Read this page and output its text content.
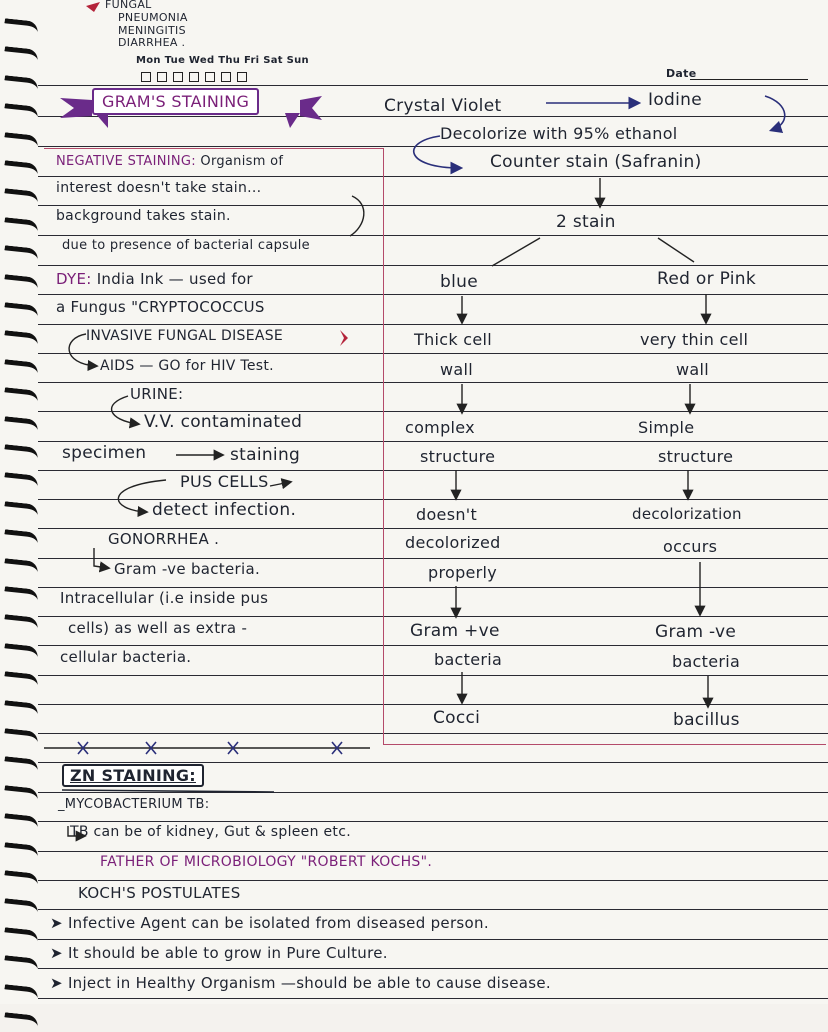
FUNGAL
PNEUMONIA
MENINGITIS
DIARRHEA .
Mon Tue Wed Thu Fri Sat Sun
Date
GRAM'S STAINING	Crystal Violet	Iodine
Decolorize with 95% ethanol
Counter stain (Safranin)
2 stain
blue
Thick cell
wall
complex
structure
doesn't
decolorized
properly
Gram +ve
bacteria
Cocci
Red or Pink
very thin cell
wall
Simple
structure
decolorization
occurs
Gram -ve
bacteria
bacillus
NEGATIVE STAINING: Organism of
interest doesn't take stain...
background takes stain.
due to presence of bacterial capsule
DYE: India Ink — used for
a Fungus "CRYPTOCOCCUS
INVASIVE FUNGAL DISEASE
AIDS — GO for HIV Test.
URINE:
V.V. contaminated
specimen	staining
PUS CELLS
detect infection.
GONORRHEA .
Gram -ve bacteria.
Intracellular (i.e inside pus
cells) as well as extra -
cellular bacteria.
ZN STAINING:
_MYCOBACTERIUM TB:
TB can be of kidney, Gut & spleen etc.
FATHER OF MICROBIOLOGY "ROBERT KOCHS".
KOCH'S POSTULATES
➤ Infective Agent can be isolated from diseased person.
➤ It should be able to grow in Pure Culture.
➤ Inject in Healthy Organism —should be able to cause disease.
